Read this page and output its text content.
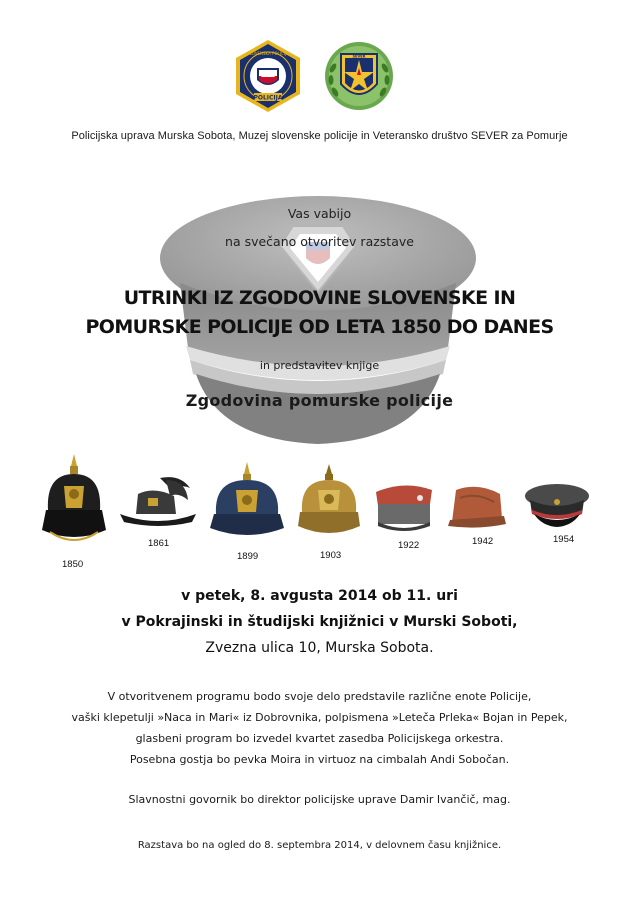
POLICIJA
SLOVENSKA POLICIJA
SEVER
Policijska uprava Murska Sobota, Muzej slovenske policije in Veteransko društvo SEVER za Pomurje
Vas vabijo
na svečano otvoritev razstave
UTRINKI IZ ZGODOVINE SLOVENSKE IN
POMURSKE POLICIJE OD LETA 1850 DO DANES
in predstavitev knjige
Zgodovina pomurske policije
1850
1861
1899	1903
1922	1942	1954
v petek, 8. avgusta 2014 ob 11. uri
v Pokrajinski in študijski knjižnici v Murski Soboti,
Zvezna ulica 10, Murska Sobota.
V otvoritvenem programu bodo svoje delo predstavile različne enote Policije,
vaški klepetulji »Naca in Mari« iz Dobrovnika, polpismena »Leteča Prleka« Bojan in Pepek,
glasbeni program bo izvedel kvartet zasedba Policijskega orkestra.
Posebna gostja bo pevka Moira in virtuoz na cimbalah Andi Sobočan.
Slavnostni govornik bo direktor policijske uprave Damir Ivančič, mag.
Razstava bo na ogled do 8. septembra 2014, v delovnem času knjižnice.
